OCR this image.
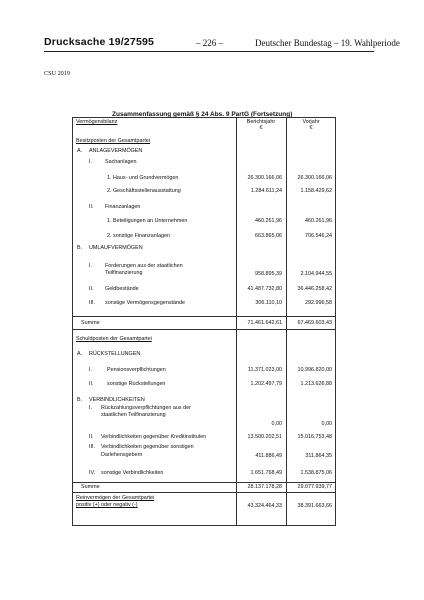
Drucksache 19/27595	– 226 –	Deutscher Bundestag – 19. Wahlperiode
CSU 2019
Zusammenfassung gemäß § 24 Abs. 9 PartG (Fortsetzung)
Vermögensbilanz	Berichtsjahr
€
Vorjahr
€
Besitzposten der Gesamtpartei
A. ANLAGEVERMÖGEN
I. Sachanlagen
1. Haus- und Grundvermögen	26.300.166,06	26.300.166,06
2. Geschäftsstellenausstattung	1.284.611,24	1.158.429,62
II. Finanzanlagen
1. Beteiligungen an Unternehmen	460.261,96	460.261,96
2. sonstige Finanzanlagen	663.865,06	706.546,24
B. UMLAUFVERMÖGEN
I. Forderungen aus der staatlichen
Teilfinanzierung	958.895,39	2.104.944,55
II. Geldbestände	41.487.732,80	36.446.258,42
III. sonstige Vermögensgegenstände	306.110,10	292.996,58
Summe	71.461.642,61	67.469.603,43
Schuldposten der Gesamtpartei
A. RÜCKSTELLUNGEN
I.	Pensionsverpflichtungen	11.371.023,00	10.996.820,00
II.	sonstige Rückstellungen	1.202.497,79	1.213.626,88
B. VERBINDLICHKEITEN
I. Rückzahlungsverpflichtungen aus der
staatlichen Teilfinanzierung
0,00	0,00
II. Verbindlichkeiten gegenüber Kreditinstituten	13.500.202,51	15.016.753,48
III. Verbindlichkeiten gegenüber sonstigen
Darlehensgebern	411.886,49	311.864,35
IV. sonstige Verbindlichkeiten	1.651.768,49	1.538.875,06
Summe	28.137.178,28	29.077.939,77
Reinvermögen der Gesamtpartei
positiv (+) oder negativ (-)	43.324.464,33	38.391.663,66
